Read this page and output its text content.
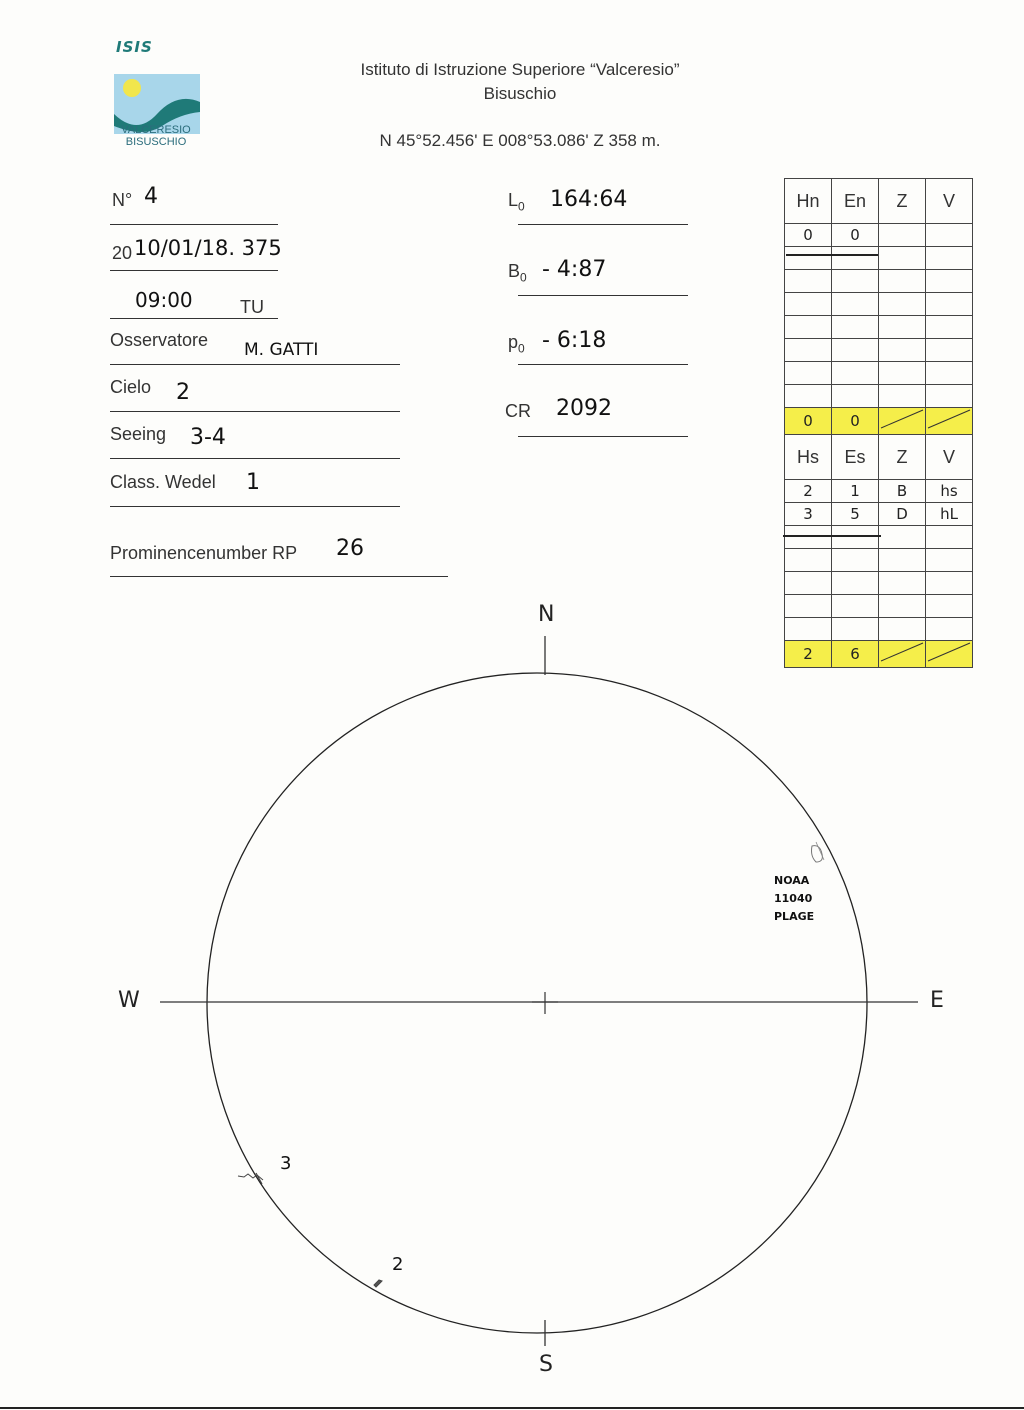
ISIS
VALCERESIO
BISUSCHIO
Istituto di Istruzione Superiore “Valceresio”
Bisuschio
N 45°52.456' E 008°53.086' Z 358 m.
N° 4
20 10/01/18. 375
09:00	TU
Osservatore M. GATTI
Cielo 2
Seeing 3-4
Class. Wedel 1
Prominencenumber RP 26
$L_0$ 164:64
$B_0$ - 4:87
$p_0$ - 6:18
CR 2092
Hn	En	Z	V
0	0		

0	0		
Hs	Es	Z	V
2	1	B	hs
3	5	D	hL

2	6		
N
S
E
W
3
2
NOAA
11040
PLAGE
